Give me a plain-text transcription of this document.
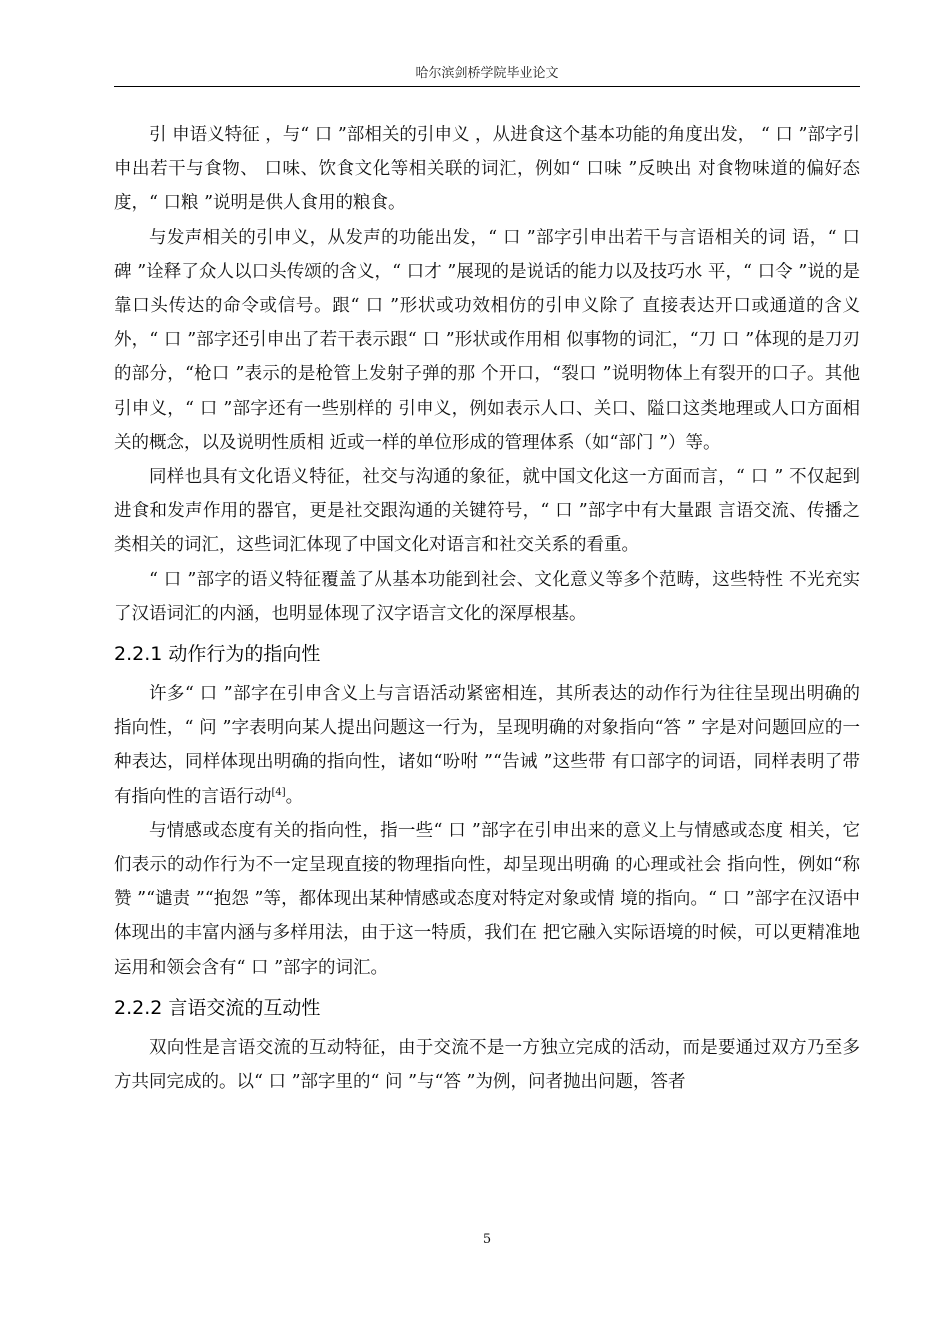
哈尔滨剑桥学院毕业论文

引 申语义特征 ，与“ 口 ”部相关的引申义 ，从进食这个基本功能的角度出发， “ 口 ”部字引申出若干与食物、 口味、饮食文化等相关联的词汇，例如“ 口味 ”反映出 对食物味道的偏好态度，“ 口粮 ”说明是供人食用的粮食。

与发声相关的引申义，从发声的功能出发，“ 口 ”部字引申出若干与言语相关的词 语，“ 口碑 ”诠释了众人以口头传颂的含义，“ 口才 ”展现的是说话的能力以及技巧水 平，“ 口令 ”说的是靠口头传达的命令或信号。跟“ 口 ”形状或功效相仿的引申义除了 直接表达开口或通道的含义外，“ 口 ”部字还引申出了若干表示跟“ 口 ”形状或作用相 似事物的词汇，“刀 口 ”体现的是刀刃的部分，“枪口 ”表示的是枪管上发射子弹的那 个开口，“裂口 ”说明物体上有裂开的口子。其他引申义，“ 口 ”部字还有一些别样的 引申义，例如表示人口、关口、隘口这类地理或人口方面相关的概念，以及说明性质相 近或一样的单位形成的管理体系（如“部门 ”）等。

同样也具有文化语义特征，社交与沟通的象征，就中国文化这一方面而言，“ 口 ” 不仅起到进食和发声作用的器官，更是社交跟沟通的关键符号，“ 口 ”部字中有大量跟 言语交流、传播之类相关的词汇，这些词汇体现了中国文化对语言和社交关系的看重。

“ 口 ”部字的语义特征覆盖了从基本功能到社会、文化意义等多个范畴，这些特性 不光充实了汉语词汇的内涵，也明显体现了汉字语言文化的深厚根基。

2.2.1 动作行为的指向性

许多“ 口 ”部字在引申含义上与言语活动紧密相连，其所表达的动作行为往往呈现出明确的指向性，“ 问 ”字表明向某人提出问题这一行为，呈现明确的对象指向“答 ” 字是对问题回应的一种表达，同样体现出明确的指向性，诸如“吩咐 ”“告诫 ”这些带 有口部字的词语，同样表明了带有指向性的言语行动[4]。

与情感或态度有关的指向性，指一些“ 口 ”部字在引申出来的意义上与情感或态度 相关，它们表示的动作行为不一定呈现直接的物理指向性，却呈现出明确 的心理或社会 指向性，例如“称赞 ”“谴责 ”“抱怨 ”等，都体现出某种情感或态度对特定对象或情 境的指向。“ 口 ”部字在汉语中体现出的丰富内涵与多样用法，由于这一特质，我们在 把它融入实际语境的时候，可以更精准地运用和领会含有“ 口 ”部字的词汇。

2.2.2 言语交流的互动性

双向性是言语交流的互动特征，由于交流不是一方独立完成的活动，而是要通过双方乃至多方共同完成的。以“ 口 ”部字里的“ 问 ”与“答 ”为例，问者抛出问题，答者

5
